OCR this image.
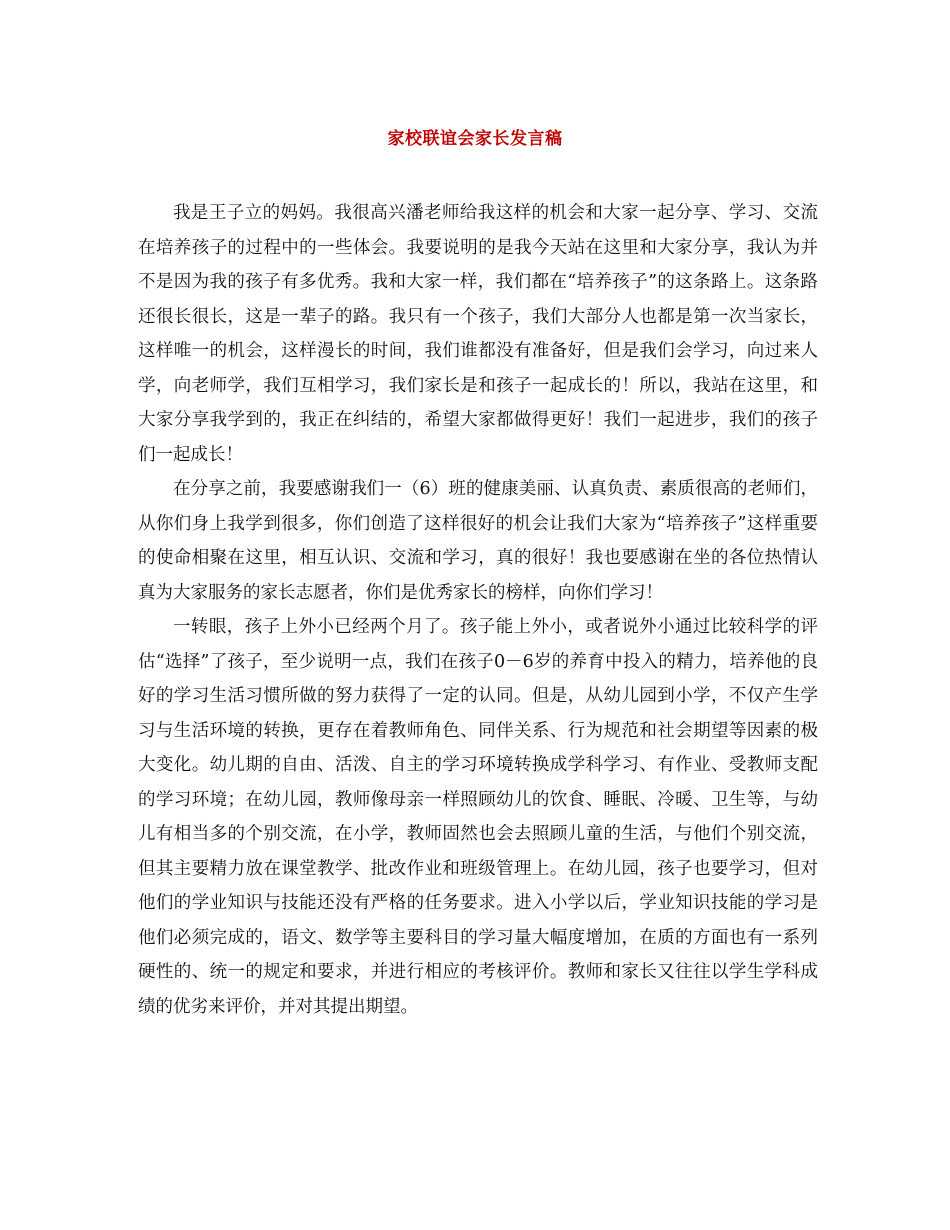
家校联谊会家长发言稿

我是王子立的妈妈。我很高兴潘老师给我这样的机会和大家一起分享、学习、交流在培养孩子的过程中的一些体会。我要说明的是我今天站在这里和大家分享，我认为并不是因为我的孩子有多优秀。我和大家一样，我们都在“培养孩子”的这条路上。这条路还很长很长，这是一辈子的路。我只有一个孩子，我们大部分人也都是第一次当家长，这样唯一的机会，这样漫长的时间，我们谁都没有准备好，但是我们会学习，向过来人学，向老师学，我们互相学习，我们家长是和孩子一起成长的！所以，我站在这里，和大家分享我学到的，我正在纠结的，希望大家都做得更好！我们一起进步，我们的孩子们一起成长！

在分享之前，我要感谢我们一（6）班的健康美丽、认真负责、素质很高的老师们，从你们身上我学到很多，你们创造了这样很好的机会让我们大家为“培养孩子”这样重要的使命相聚在这里，相互认识、交流和学习，真的很好！我也要感谢在坐的各位热情认真为大家服务的家长志愿者，你们是优秀家长的榜样，向你们学习！

一转眼，孩子上外小已经两个月了。孩子能上外小，或者说外小通过比较科学的评估“选择”了孩子，至少说明一点，我们在孩子0－6岁的养育中投入的精力，培养他的良好的学习生活习惯所做的努力获得了一定的认同。但是，从幼儿园到小学，不仅产生学习与生活环境的转换，更存在着教师角色、同伴关系、行为规范和社会期望等因素的极大变化。幼儿期的自由、活泼、自主的学习环境转换成学科学习、有作业、受教师支配的学习环境；在幼儿园，教师像母亲一样照顾幼儿的饮食、睡眠、冷暖、卫生等，与幼儿有相当多的个别交流，在小学，教师固然也会去照顾儿童的生活，与他们个别交流，但其主要精力放在课堂教学、批改作业和班级管理上。在幼儿园，孩子也要学习，但对他们的学业知识与技能还没有严格的任务要求。进入小学以后，学业知识技能的学习是他们必须完成的，语文、数学等主要科目的学习量大幅度增加，在质的方面也有一系列硬性的、统一的规定和要求，并进行相应的考核评价。教师和家长又往往以学生学科成绩的优劣来评价，并对其提出期望。
